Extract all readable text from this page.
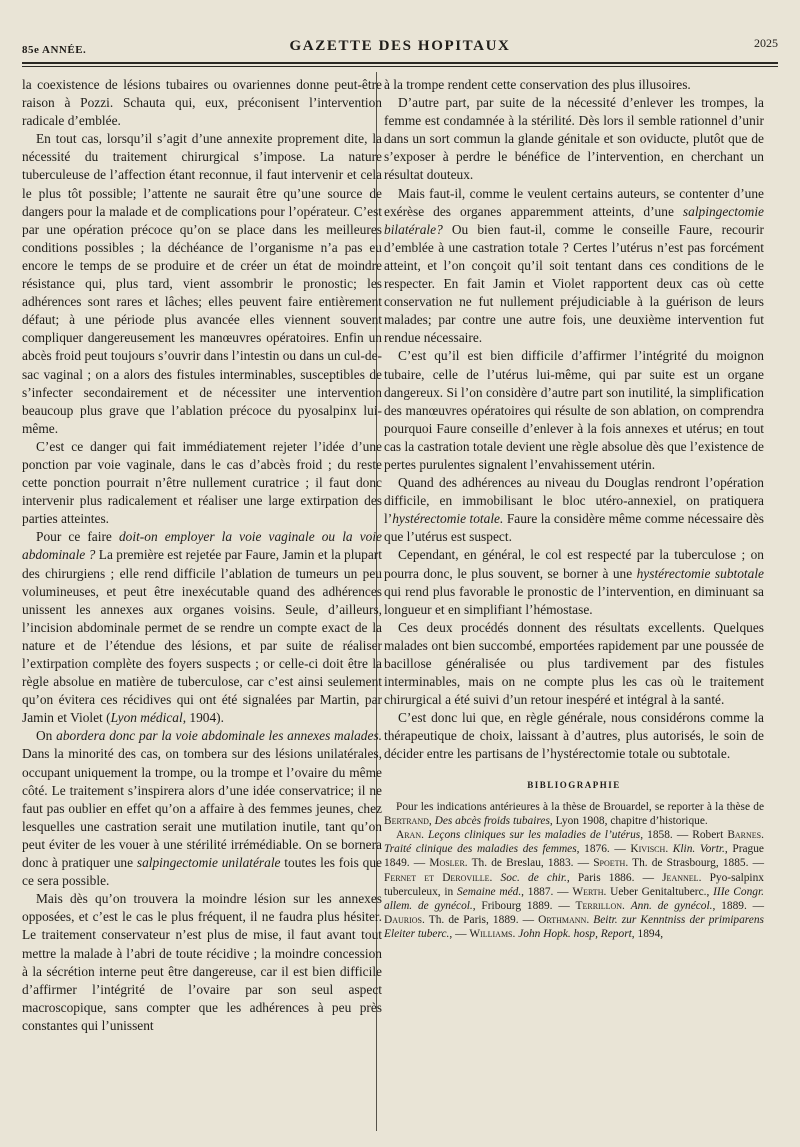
85e ANNÉE.	GAZETTE DES HOPITAUX	2025

la coexistence de lésions tubaires ou ovariennes donne peut-être raison à Pozzi. Schauta qui, eux, préconisent l’intervention radicale d’emblée.

En tout cas, lorsqu’il s’agit d’une annexite proprement dite, la nécessité du traitement chirurgical s’impose. La nature tuberculeuse de l’affection étant reconnue, il faut intervenir et cela le plus tôt possible; l’attente ne saurait être qu’une source de dangers pour la malade et de complications pour l’opérateur. C’est par une opération précoce qu’on se place dans les meilleures conditions possibles ; la déchéance de l’organisme n’a pas eu encore le temps de se produire et de créer un état de moindre résistance qui, plus tard, vient assombrir le pronostic; les adhérences sont rares et lâches; elles peuvent faire entièrement défaut; à une période plus avancée elles viennent souvent compliquer dangereusement les manœuvres opératoires. Enfin un abcès froid peut toujours s’ouvrir dans l’intestin ou dans un cul-de-sac vaginal ; on a alors des fistules interminables, susceptibles de s’infecter secondairement et de nécessiter une intervention beaucoup plus grave que l’ablation précoce du pyosalpinx lui-même.

C’est ce danger qui fait immédiatement rejeter l’idée d’une ponction par voie vaginale, dans le cas d’abcès froid ; du reste cette ponction pourrait n’être nullement curatrice ; il faut donc intervenir plus radicalement et réaliser une large extirpation des parties atteintes.

Pour ce faire doit-on employer la voie vaginale ou la voie abdominale ? La première est rejetée par Faure, Jamin et la plupart des chirurgiens ; elle rend difficile l’ablation de tumeurs un peu volumineuses, et peut être inexécutable quand des adhérences unissent les annexes aux organes voisins. Seule, d’ailleurs, l’incision abdominale permet de se rendre un compte exact de la nature et de l’étendue des lésions, et par suite de réaliser l’extirpation complète des foyers suspects ; or celle-ci doit être la règle absolue en matière de tuberculose, car c’est ainsi seulement qu’on évitera ces récidives qui ont été signalées par Martin, par Jamin et Violet (Lyon médical, 1904).

On abordera donc par la voie abdominale les annexes malades. Dans la minorité des cas, on tombera sur des lésions unilatérales, occupant uniquement la trompe, ou la trompe et l’ovaire du même côté. Le traitement s’inspirera alors d’une idée conservatrice; il ne faut pas oublier en effet qu’on a affaire à des femmes jeunes, chez lesquelles une castration serait une mutilation inutile, tant qu’on peut éviter de les vouer à une stérilité irrémédiable. On se bornera donc à pratiquer une salpingectomie unilatérale toutes les fois que ce sera possible.

Mais dès qu’on trouvera la moindre lésion sur les annexes opposées, et c’est le cas le plus fréquent, il ne faudra plus hésiter. Le traitement conservateur n’est plus de mise, il faut avant tout mettre la malade à l’abri de toute récidive ; la moindre concession à la sécrétion interne peut être dangereuse, car il est bien difficile d’affirmer l’intégrité de l’ovaire par son seul aspect macroscopique, sans compter que les adhérences à peu près constantes qui l’unissent

à la trompe rendent cette conservation des plus illusoires.

D’autre part, par suite de la nécessité d’enlever les trompes, la femme est condamnée à la stérilité. Dès lors il semble rationnel d’unir dans un sort commun la glande génitale et son oviducte, plutôt que de s’exposer à perdre le bénéfice de l’intervention, en cherchant un résultat douteux.

Mais faut-il, comme le veulent certains auteurs, se contenter d’une exérèse des organes apparemment atteints, d’une salpingectomie bilatérale? Ou bien faut-il, comme le conseille Faure, recourir d’emblée à une castration totale ? Certes l’utérus n’est pas forcément atteint, et l’on conçoit qu’il soit tentant dans ces conditions de le respecter. En fait Jamin et Violet rapportent deux cas où cette conservation ne fut nullement préjudiciable à la guérison de leurs malades; par contre une autre fois, une deuxième intervention fut rendue nécessaire.

C’est qu’il est bien difficile d’affirmer l’intégrité du moignon tubaire, celle de l’utérus lui-même, qui par suite est un organe dangereux. Si l’on considère d’autre part son inutilité, la simplification des manœuvres opératoires qui résulte de son ablation, on comprendra pourquoi Faure conseille d’enlever à la fois annexes et utérus; en tout cas la castration totale devient une règle absolue dès que l’existence de pertes purulentes signalent l’envahissement utérin.

Quand des adhérences au niveau du Douglas rendront l’opération difficile, en immobilisant le bloc utéro-annexiel, on pratiquera l’hystérectomie totale. Faure la considère même comme nécessaire dès que l’utérus est suspect.

Cependant, en général, le col est respecté par la tuberculose ; on pourra donc, le plus souvent, se borner à une hystérectomie subtotale qui rend plus favorable le pronostic de l’intervention, en diminuant sa longueur et en simplifiant l’hémostase.

Ces deux procédés donnent des résultats excellents. Quelques malades ont bien succombé, emportées rapidement par une poussée de bacillose généralisée ou plus tardivement par des fistules interminables, mais on ne compte plus les cas où le traitement chirurgical a été suivi d’un retour inespéré et intégral à la santé.

C’est donc lui que, en règle générale, nous considérons comme la thérapeutique de choix, laissant à d’autres, plus autorisés, le soin de décider entre les partisans de l’hystérectomie totale ou subtotale.

BIBLIOGRAPHIE

Pour les indications antérieures à la thèse de Brouardel, se reporter à la thèse de Bertrand, Des abcès froids tubaires, Lyon 1908, chapitre d’historique.

Aran. Leçons cliniques sur les maladies de l’utérus, 1858. — Robert Barnes. Traité clinique des maladies des femmes, 1876. — Kivisch. Klin. Vortr., Prague 1849. — Mosler. Th. de Breslau, 1883. — Spoeth. Th. de Strasbourg, 1885. — Fernet et Deroville. Soc. de chir., Paris 1886. — Jeannel. Pyo-salpinx tuberculeux, in Semaine méd., 1887. — Werth. Ueber Genitaltuberc., IIIe Congr. allem. de gynécol., Fribourg 1889. — Terrillon. Ann. de gynécol., 1889. — Daurios. Th. de Paris, 1889. — Orthmann. Beitr. zur Kenntniss der primiparens Eleiter tuberc., — Williams. John Hopk. hosp, Report, 1894,
